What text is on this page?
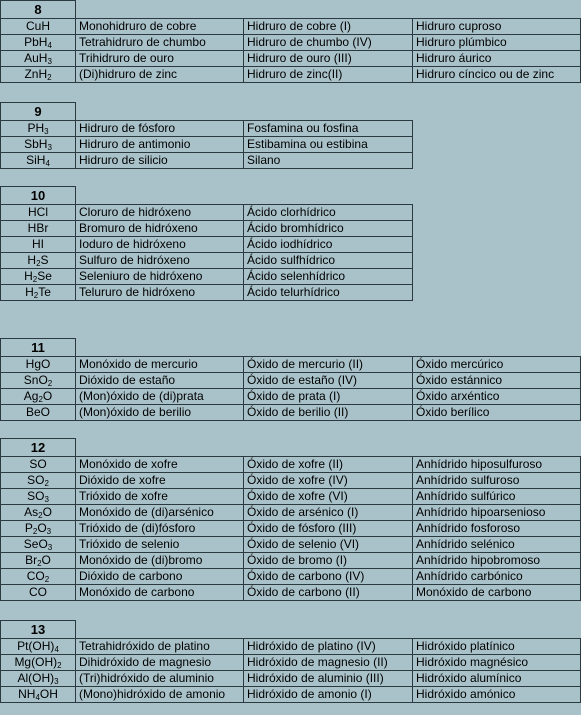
8			
CuH	Monohidruro de cobre	Hidruro de cobre (I)	Hidruro cuproso
PbH$_4$	Tetrahidruro de chumbo	Hidruro de chumbo (IV)	Hidruro plúmbico
AuH$_3$	Trihidruro de ouro	Hidruro de ouro (III)	Hidruro áurico
ZnH$_2$	(Di)hidruro de zinc	Hidruro de zinc(II)	Hidruro cíncico ou de zinc
9		
$PH_3$	Hidruro de fósforo	Fosfamina ou fosfina
SbH$_3$	Hidruro de antimonio	Estibamina ou estibina
SiH$_4$	Hidruro de silicio	Silano
10		
HCl	Cloruro de hidróxeno	Ácido clorhídrico
HBr	Bromuro de hidróxeno	Ácido bromhídrico
HI	Ioduro de hidróxeno	Ácido iodhídrico
$H_2S$	Sulfuro de hidróxeno	Ácido sulfhídrico
$H_2Se$	Seleniuro de hidróxeno	Ácido selenhídrico
$H_2Te$	Telururo de hidróxeno	Ácido telurhídrico
11			
HgO	Monóxido de mercurio	Óxido de mercurio (II)	Óxido mercúrico
SnO$_2$	Dióxido de estaño	Óxido de estaño (IV)	Óxido estánnico
$Ag_2O$	(Mon)óxido de (di)prata	Óxido de prata (I)	Óxido arxéntico
BeO	(Mon)óxido de berilio	Óxido de berilio (II)	Óxido berílico
12			
SO	Monóxido de xofre	Óxido de xofre (II)	Anhídrido hiposulfuroso
$SO_2$	Dióxido de xofre	Óxido de xofre (IV)	Anhídrido sulfuroso
$SO_3$	Trióxido de xofre	Óxido de xofre (VI)	Anhídrido sulfúrico
$As_2O$	Monóxido de (di)arsénico	Óxido de arsénico (I)	Anhídrido hipoarsenioso
$P_2O_3$	Trióxido de (di)fósforo	Óxido de fósforo (III)	Anhídrido fosforoso
SeO$_3$	Trióxido de selenio	Óxido de selenio (VI)	Anhídrido selénico
$Br_2O$	Monóxido de (di)bromo	Óxido de bromo (I)	Anhídrido hipobromoso
$CO_2$	Dióxido de carbono	Óxido de carbono (IV)	Anhídrido carbónico
CO	Monóxido de carbono	Óxido de carbono (II)	Monóxido de carbono
13			
$Pt(OH)_4$	Tetrahidróxido de platino	Hidróxido de platino (IV)	Hidróxido platínico
$Mg(OH)_2$	Dihidróxido de magnesio	Hidróxido de magnesio (II)	Hidróxido magnésico
$Al(OH)_3$	(Tri)hidróxido de aluminio	Hidróxido de aluminio (III)	Hidróxido alumínico
$NH_4OH$	(Mono)hidróxido de amonio	Hidróxido de amonio (I)	Hidróxido amónico
